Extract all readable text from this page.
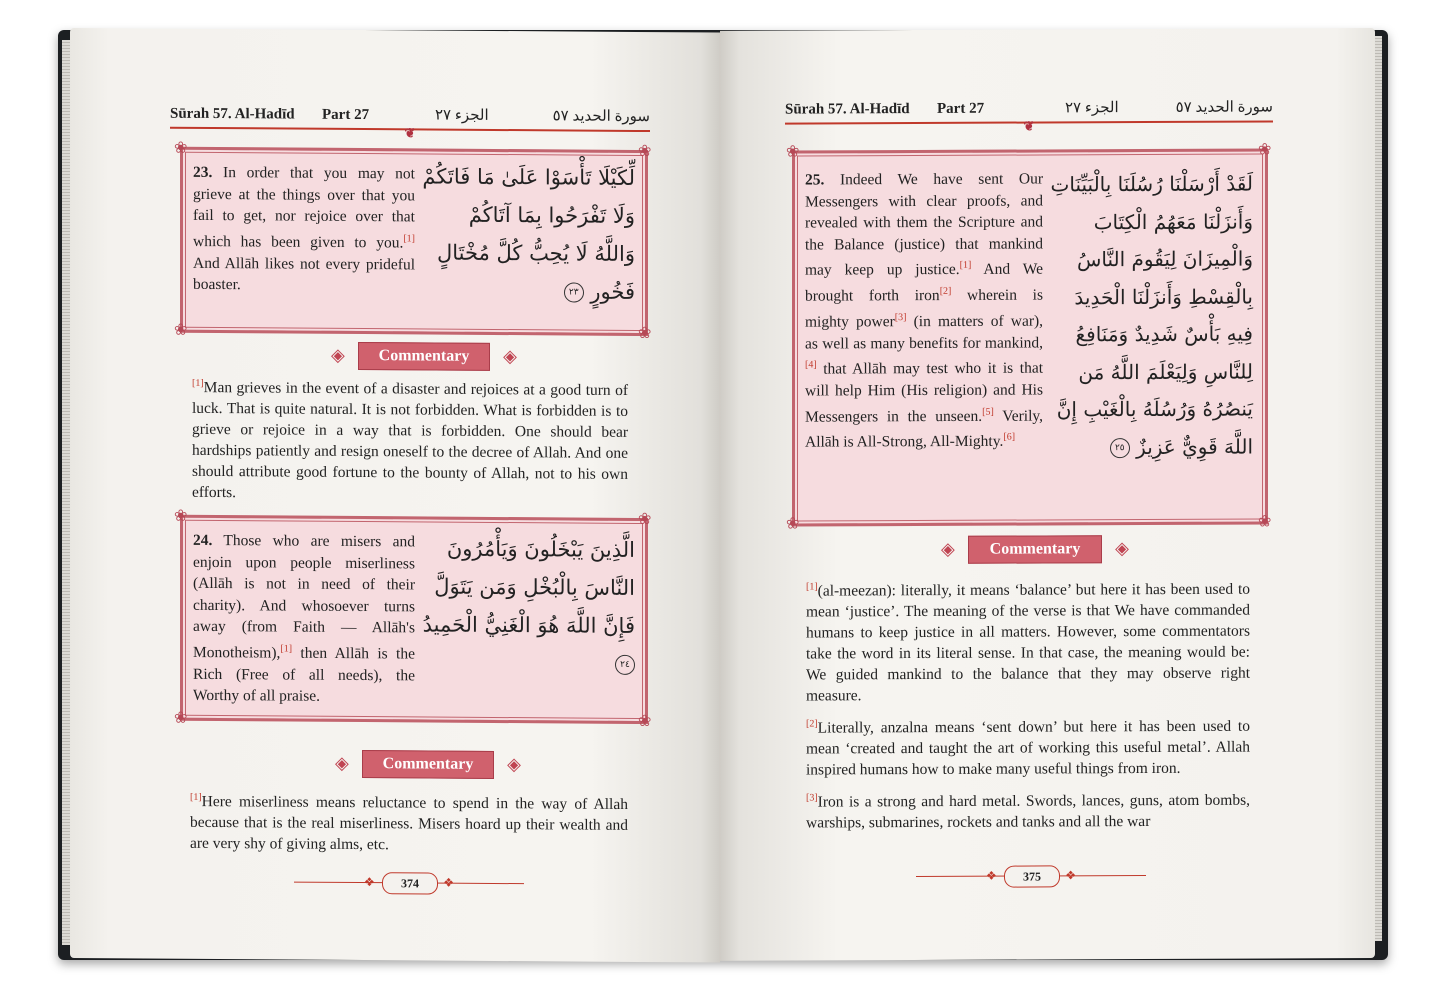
Sūrah 57. Al-Hadīd Part 27	الجزء ٢٧	سورة الحديد ٥٧
❦
❀	❀
❀	❀
23. In order that you may not grieve at the things over that you fail to get, nor rejoice over that which has been given to you.[1] And Allāh likes not every prideful boaster.
لِّكَيْلَا تَأْسَوْا عَلَىٰ مَا فَاتَكُمْ
وَلَا تَفْرَحُوا بِمَا آتَاكُمْ
وَاللَّهُ لَا يُحِبُّ كُلَّ مُخْتَالٍ
فَخُورٍ ٢٣
◈ Commentary ◈

[1]Man grieves in the event of a disaster and rejoices at a good turn of luck. That is quite natural. It is not forbidden. What is forbidden is to grieve or rejoice in a way that is forbidden. One should bear hardships patiently and resign oneself to the decree of Allah. And one should attribute good fortune to the bounty of Allah, not to his own efforts.

❀	❀
❀	❀
24. Those who are misers and enjoin upon people miserliness (Allāh is not in need of their charity). And whosoever turns away (from Faith — Allāh's Monotheism),[1] then Allāh is the Rich (Free of all needs), the Worthy of all praise.
الَّذِينَ يَبْخَلُونَ وَيَأْمُرُونَ
النَّاسَ بِالْبُخْلِ وَمَن يَتَوَلَّ
فَإِنَّ اللَّهَ هُوَ الْغَنِيُّ الْحَمِيدُ
٢٤
◈ Commentary ◈

[1]Here miserliness means reluctance to spend in the way of Allah because that is the real miserliness. Misers hoard up their wealth and are very shy of giving alms, etc.

❖	374	❖
Sūrah 57. Al-Hadīd Part 27	الجزء ٢٧	سورة الحديد ٥٧
❦
❀	❀
❀	❀
25. Indeed We have sent Our Messengers with clear proofs, and revealed with them the Scripture and the Balance (justice) that mankind may keep up justice.[1] And We brought forth iron[2] wherein is mighty power[3] (in matters of war), as well as many benefits for mankind,[4] that Allāh may test who it is that will help Him (His religion) and His Messengers in the unseen.[5] Verily, Allāh is All-Strong, All-Mighty.[6]
لَقَدْ أَرْسَلْنَا رُسُلَنَا بِالْبَيِّنَاتِ
وَأَنزَلْنَا مَعَهُمُ الْكِتَابَ
وَالْمِيزَانَ لِيَقُومَ النَّاسُ
بِالْقِسْطِ وَأَنزَلْنَا الْحَدِيدَ
فِيهِ بَأْسٌ شَدِيدٌ وَمَنَافِعُ
لِلنَّاسِ وَلِيَعْلَمَ اللَّهُ مَن
يَنصُرُهُ وَرُسُلَهُ بِالْغَيْبِ إِنَّ
اللَّهَ قَوِيٌّ عَزِيزٌ ٢٥
◈ Commentary ◈

[1](al-meezan): literally, it means ‘balance’ but here it has been used to mean ‘justice’. The meaning of the verse is that We have commanded humans to keep justice in all matters. However, some commentators take the word in its literal sense. In that case, the meaning would be: We guided mankind to the balance that they may observe right measure.

[2]Literally, anzalna means ‘sent down’ but here it has been used to mean ‘created and taught the art of working this useful metal’. Allah inspired humans how to make many useful things from iron.

[3]Iron is a strong and hard metal. Swords, lances, guns, atom bombs, warships, submarines, rockets and tanks and all the war

❖	375	❖
